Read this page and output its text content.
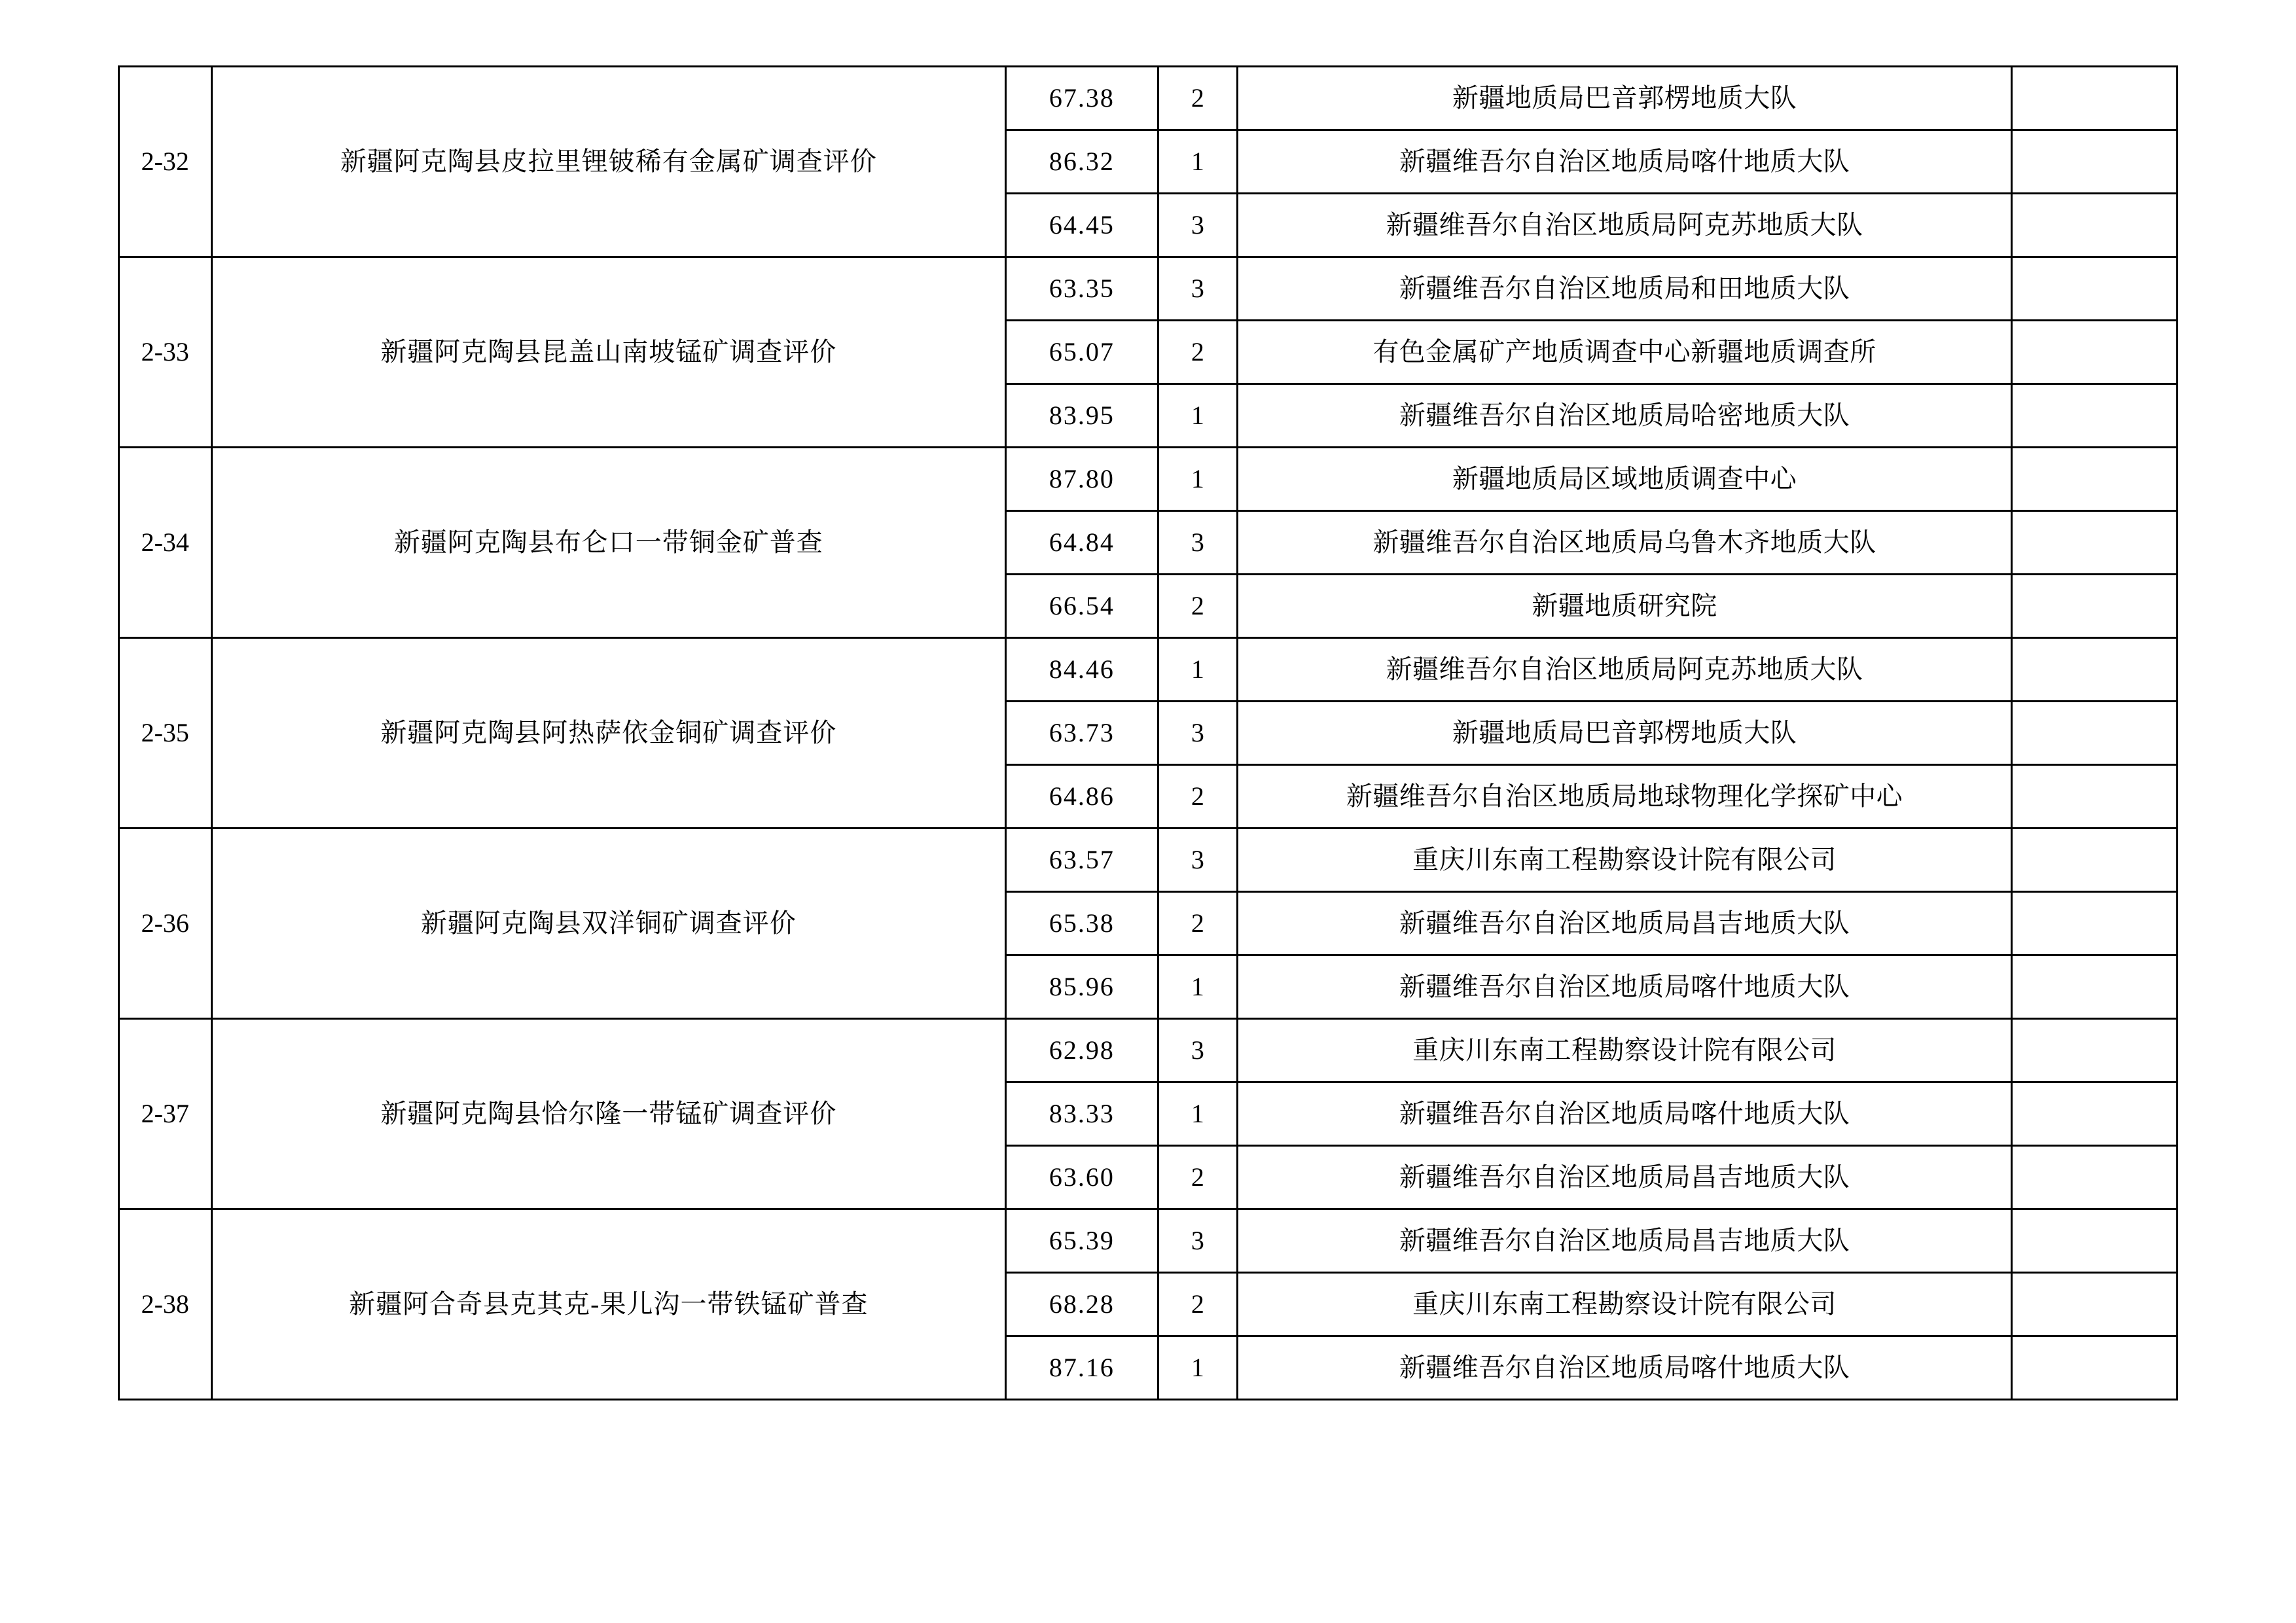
2-32	新疆阿克陶县皮拉里锂铍稀有金属矿调查评价	67.38	2	新疆地质局巴音郭楞地质大队	
		86.32	1	新疆维吾尔自治区地质局喀什地质大队	
		64.45	3	新疆维吾尔自治区地质局阿克苏地质大队	
2-33	新疆阿克陶县昆盖山南坡锰矿调查评价	63.35	3	新疆维吾尔自治区地质局和田地质大队	
		65.07	2	有色金属矿产地质调查中心新疆地质调查所	
		83.95	1	新疆维吾尔自治区地质局哈密地质大队	
2-34	新疆阿克陶县布仑口一带铜金矿普查	87.80	1	新疆地质局区域地质调查中心	
		64.84	3	新疆维吾尔自治区地质局乌鲁木齐地质大队	
		66.54	2	新疆地质研究院	
2-35	新疆阿克陶县阿热萨依金铜矿调查评价	84.46	1	新疆维吾尔自治区地质局阿克苏地质大队	
		63.73	3	新疆地质局巴音郭楞地质大队	
		64.86	2	新疆维吾尔自治区地质局地球物理化学探矿中心	
2-36	新疆阿克陶县双洋铜矿调查评价	63.57	3	重庆川东南工程勘察设计院有限公司	
		65.38	2	新疆维吾尔自治区地质局昌吉地质大队	
		85.96	1	新疆维吾尔自治区地质局喀什地质大队	
2-37	新疆阿克陶县恰尔隆一带锰矿调查评价	62.98	3	重庆川东南工程勘察设计院有限公司	
		83.33	1	新疆维吾尔自治区地质局喀什地质大队	
		63.60	2	新疆维吾尔自治区地质局昌吉地质大队	
2-38	新疆阿合奇县克其克-果儿沟一带铁锰矿普查	65.39	3	新疆维吾尔自治区地质局昌吉地质大队	
		68.28	2	重庆川东南工程勘察设计院有限公司	
		87.16	1	新疆维吾尔自治区地质局喀什地质大队	
